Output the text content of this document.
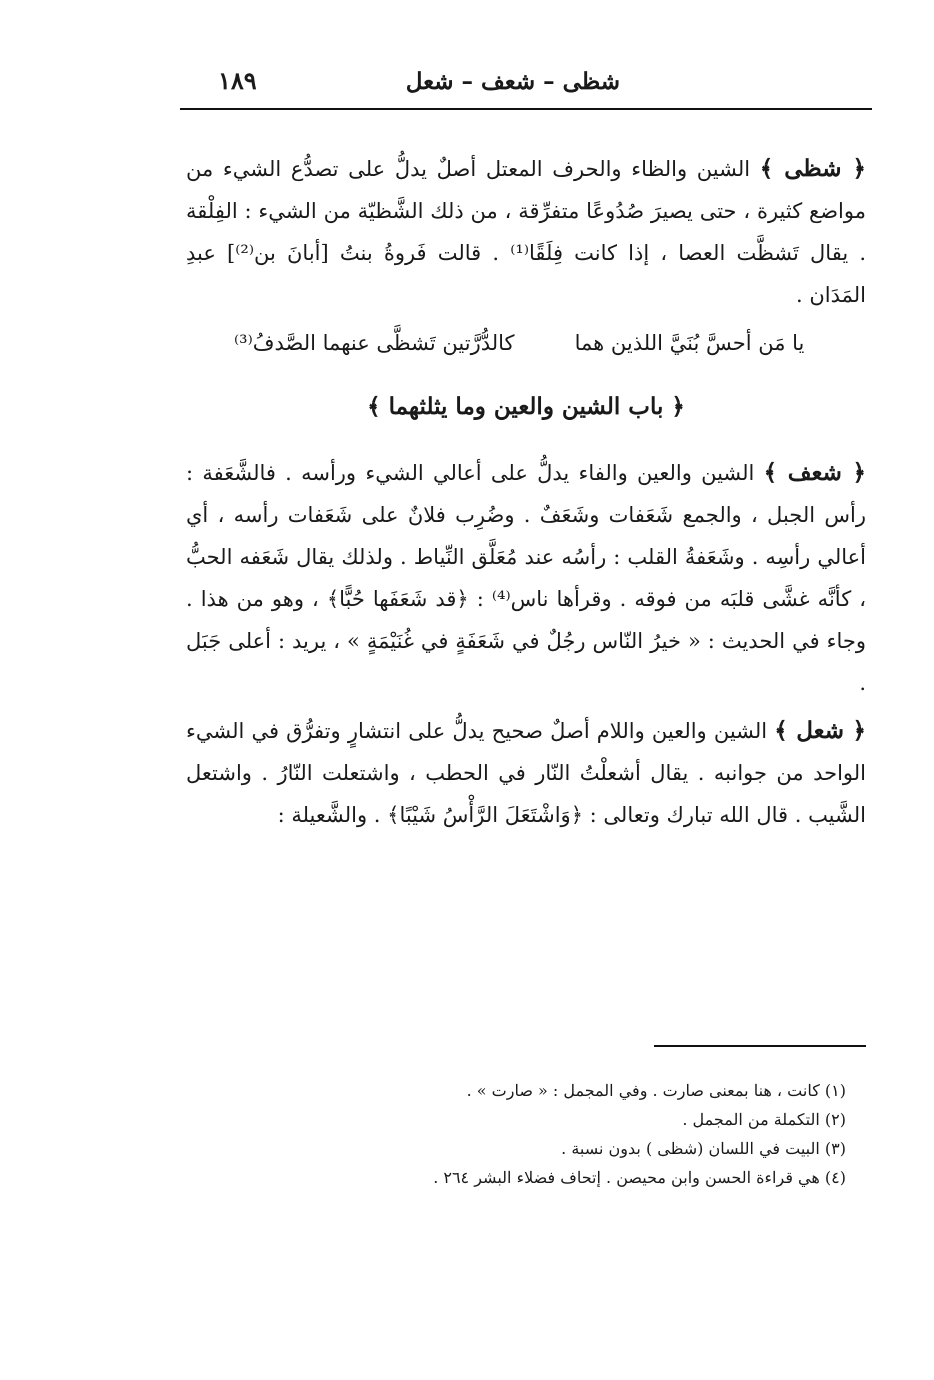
شظى – شعف – شعل
١٨٩

﴿ شظى ﴾ الشين والظاء والحرف المعتل أصلٌ يدلُّ على تصدُّع الشيء من مواضع كثيرة ، حتى يصيرَ صُدُوعًا متفرِّقة ، من ذلك الشَّظيّة من الشيء : الفِلْقة . يقال تَشظَّت العصا ، إذا كانت فِلَقًا⁽¹⁾ . قالت فَروةُ بنتُ [أبانَ بن⁽²⁾] عبدِ المَدَان .

يا مَن أحسَّ بُنَيَّ اللذين هما         كالدُّرَّتين تَشظَّى عنهما الصَّدفُ⁽³⁾

﴿ باب الشين والعين وما يثلثهما ﴾

﴿ شعف ﴾ الشين والعين والفاء يدلُّ على أعالي الشيء ورأسه . فالشَّعَفة : رأس الجبل ، والجمع شَعَفات وشَعَفٌ . وضُرِب فلانٌ على شَعَفات رأسه ، أي أعالي رأسِه . وشَعَفةُ القلب : رأسُه عند مُعَلَّق النِّياط . ولذلك يقال شَعَفه الحبُّ ، كأنَّه غشَّى قلبَه من فوقه . وقرأها ناس⁽⁴⁾ : ﴿قد شَعَفَها حُبًّا﴾ ، وهو من هذا . وجاء في الحديث : « خيرُ النّاس رجُلٌ في شَعَفَةٍ في غُنَيْمَةٍ » ، يريد : أعلى جَبَل .

﴿ شعل ﴾ الشين والعين واللام أصلٌ صحيح يدلُّ على انتشارٍ وتفرُّق في الشيء الواحد من جوانبه . يقال أشعلْتُ النّار في الحطب ، واشتعلت النّارُ . واشتعل الشَّيب . قال الله تبارك وتعالى : ﴿وَاشْتَعَلَ الرَّأْسُ شَيْبًا﴾ . والشَّعيلة :

(١) كانت ، هنا بمعنى صارت . وفي المجمل : « صارت » .
(٢) التكملة من المجمل .
(٣) البيت في اللسان (شظى ) بدون نسبة .
(٤) هي قراءة الحسن وابن محيصن . إتحاف فضلاء البشر ٢٦٤ .
